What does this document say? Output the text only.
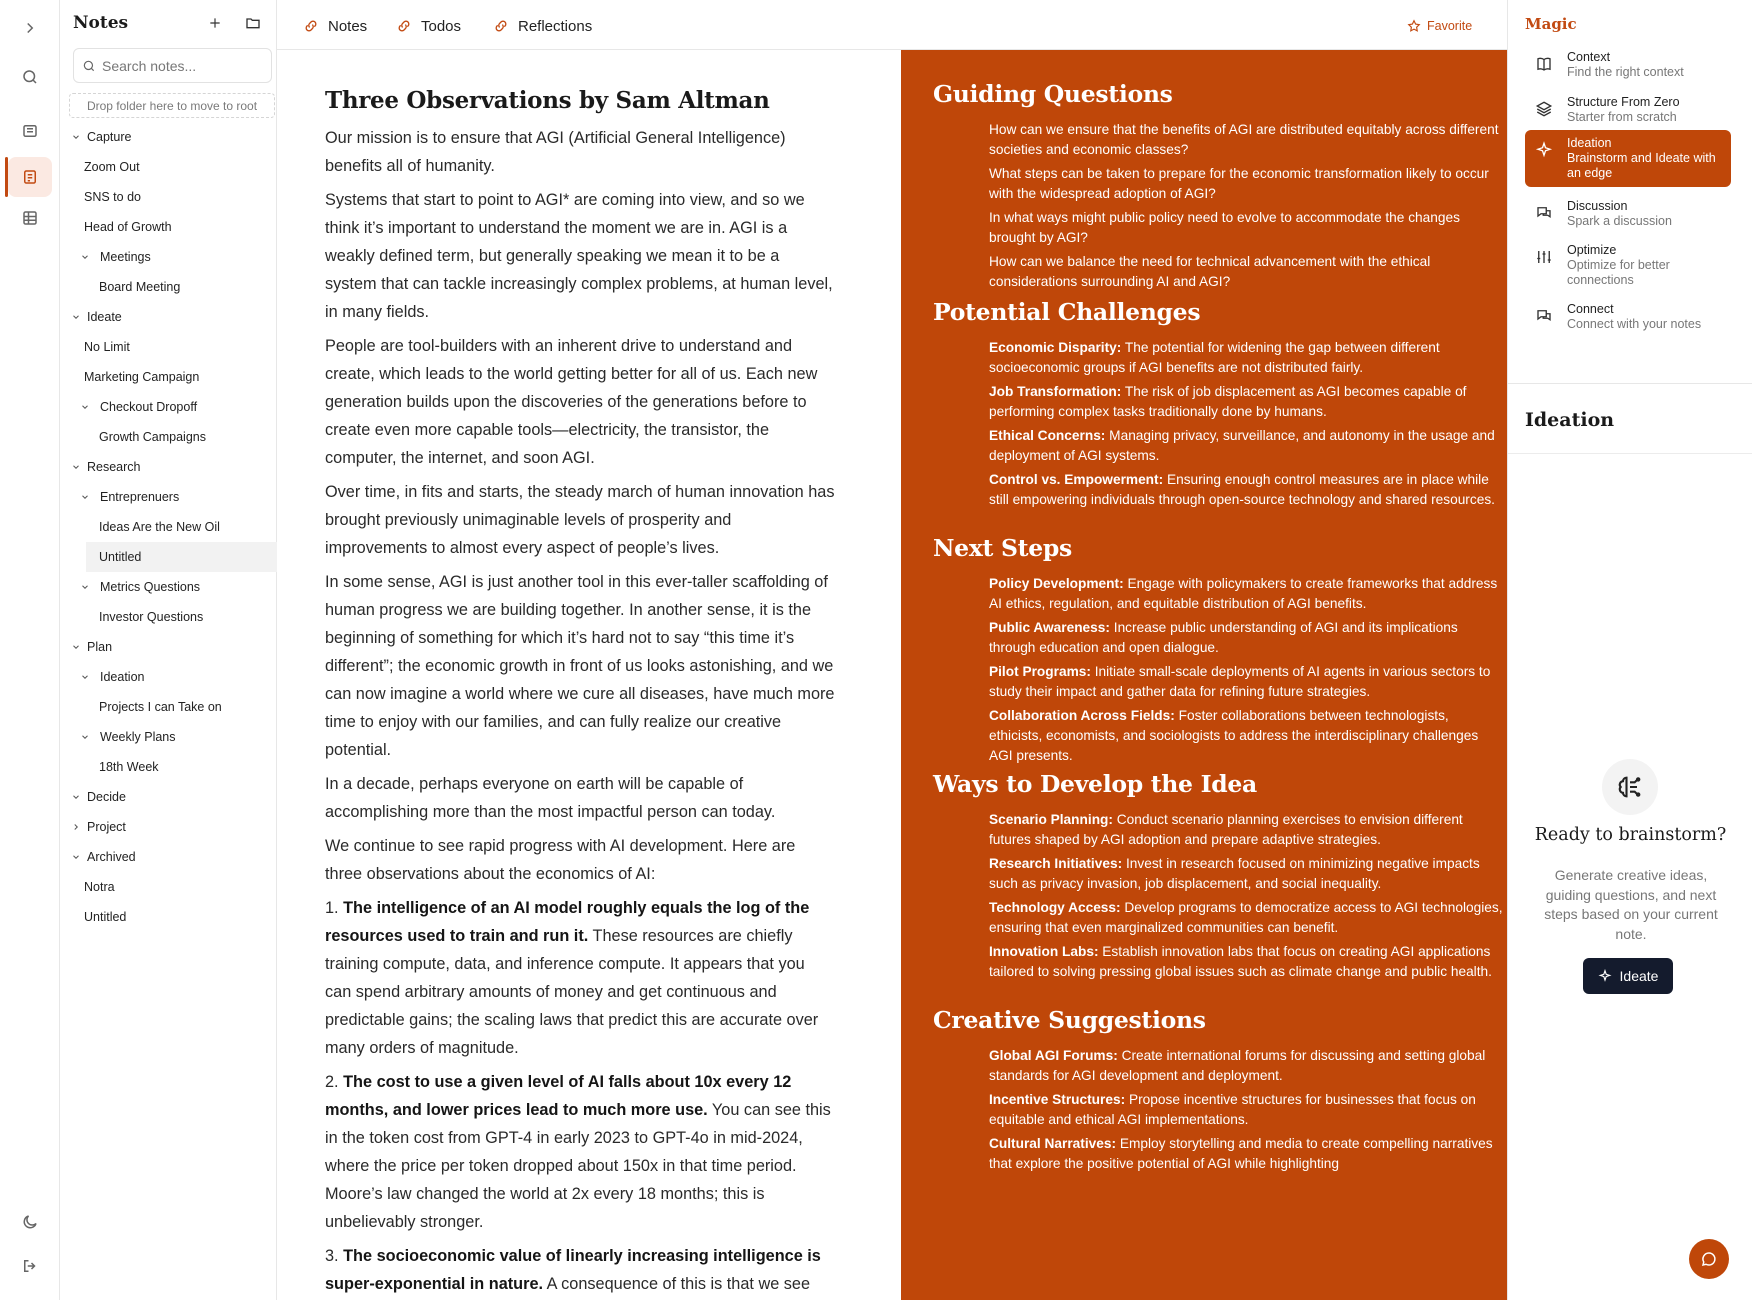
Notes
Search notes...
Drop folder here to move to root
Capture
Zoom Out
SNS to do
Head of Growth
Meetings
Board Meeting
Ideate
No Limit
Marketing Campaign
Checkout Dropoff
Growth Campaigns
Research
Entreprenuers
Ideas Are the New Oil
Untitled
Metrics Questions
Investor Questions
Plan
Ideation
Projects I can Take on
Weekly Plans
18th Week
Decide
Project
Archived
Notra
Untitled
Notes	Todos	Reflections	Favorite
Three Observations by Sam Altman

Our mission is to ensure that AGI (Artificial General Intelligence) benefits all of humanity.

Systems that start to point to AGI* are coming into view, and so we think it’s important to understand the moment we are in. AGI is a weakly defined term, but generally speaking we mean it to be a system that can tackle increasingly complex problems, at human level, in many fields.

People are tool-builders with an inherent drive to understand and create, which leads to the world getting better for all of us. Each new generation builds upon the discoveries of the generations before to create even more capable tools—electricity, the transistor, the computer, the internet, and soon AGI.

Over time, in fits and starts, the steady march of human innovation has brought previously unimaginable levels of prosperity and improvements to almost every aspect of people’s lives.

In some sense, AGI is just another tool in this ever-taller scaffolding of human progress we are building together. In another sense, it is the beginning of something for which it’s hard not to say “this time it’s different”; the economic growth in front of us looks astonishing, and we can now imagine a world where we cure all diseases, have much more time to enjoy with our families, and can fully realize our creative potential.

In a decade, perhaps everyone on earth will be capable of accomplishing more than the most impactful person can today.

We continue to see rapid progress with AI development. Here are three observations about the economics of AI:

1. The intelligence of an AI model roughly equals the log of the resources used to train and run it. These resources are chiefly training compute, data, and inference compute. It appears that you can spend arbitrary amounts of money and get continuous and predictable gains; the scaling laws that predict this are accurate over many orders of magnitude.

2. The cost to use a given level of AI falls about 10x every 12 months, and lower prices lead to much more use. You can see this in the token cost from GPT-4 in early 2023 to GPT-4o in mid-2024, where the price per token dropped about 150x in that time period. Moore’s law changed the world at 2x every 18 months; this is unbelievably stronger.

3. The socioeconomic value of linearly increasing intelligence is super-exponential in nature. A consequence of this is that we see

Guiding Questions
How can we ensure that the benefits of AGI are distributed equitably across different societies and economic classes?
What steps can be taken to prepare for the economic transformation likely to occur with the widespread adoption of AGI?
In what ways might public policy need to evolve to accommodate the changes brought by AGI?
How can we balance the need for technical advancement with the ethical considerations surrounding AI and AGI?
Potential Challenges
Economic Disparity: The potential for widening the gap between different socioeconomic groups if AGI benefits are not distributed fairly.
Job Transformation: The risk of job displacement as AGI becomes capable of performing complex tasks traditionally done by humans.
Ethical Concerns: Managing privacy, surveillance, and autonomy in the usage and deployment of AGI systems.
Control vs. Empowerment: Ensuring enough control measures are in place while still empowering individuals through open-source technology and shared resources.
Next Steps
Policy Development: Engage with policymakers to create frameworks that address AI ethics, regulation, and equitable distribution of AGI benefits.
Public Awareness: Increase public understanding of AGI and its implications through education and open dialogue.
Pilot Programs: Initiate small-scale deployments of AI agents in various sectors to study their impact and gather data for refining future strategies.
Collaboration Across Fields: Foster collaborations between technologists, ethicists, economists, and sociologists to address the interdisciplinary challenges AGI presents.
Ways to Develop the Idea
Scenario Planning: Conduct scenario planning exercises to envision different futures shaped by AGI adoption and prepare adaptive strategies.
Research Initiatives: Invest in research focused on minimizing negative impacts such as privacy invasion, job displacement, and social inequality.
Technology Access: Develop programs to democratize access to AGI technologies, ensuring that even marginalized communities can benefit.
Innovation Labs: Establish innovation labs that focus on creating AGI applications tailored to solving pressing global issues such as climate change and public health.
Creative Suggestions
Global AGI Forums: Create international forums for discussing and setting global standards for AGI development and deployment.
Incentive Structures: Propose incentive structures for businesses that focus on equitable and ethical AGI implementations.
Cultural Narratives: Employ storytelling and media to create compelling narratives that explore the positive potential of AGI while highlighting
Magic
Context
Find the right context
Structure From Zero
Starter from scratch
Ideation
Brainstorm and Ideate with an edge
Discussion
Spark a discussion
Optimize
Optimize for better connections
Connect
Connect with your notes
Ideation
Ready to brainstorm?
Generate creative ideas, guiding questions, and next steps based on your current note.
Ideate
